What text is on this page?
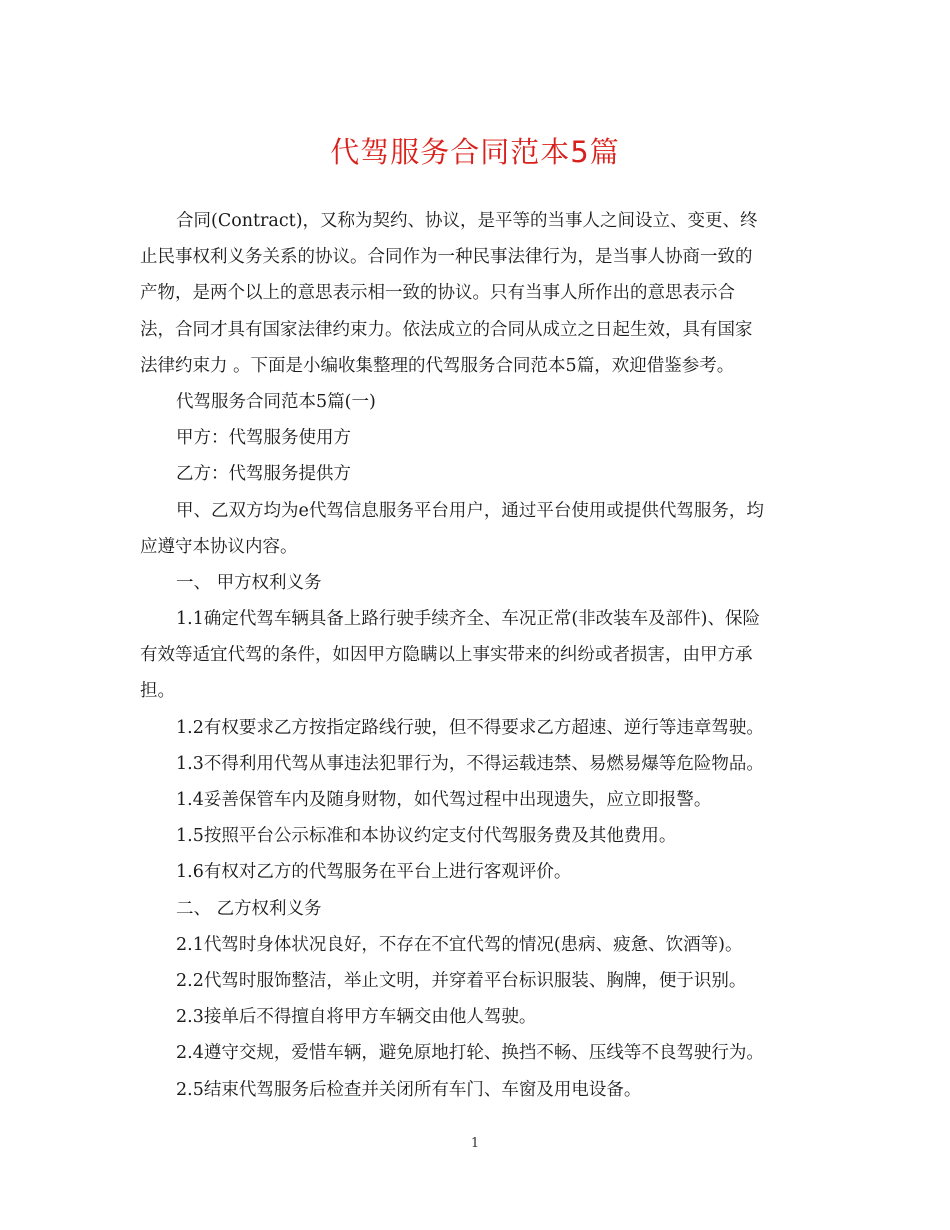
代驾服务合同范本5篇
合同(Contract)，又称为契约、协议，是平等的当事人之间设立、变更、终
止民事权利义务关系的协议。合同作为一种民事法律行为，是当事人协商一致的
产物，是两个以上的意思表示相一致的协议。只有当事人所作出的意思表示合
法，合同才具有国家法律约束力。依法成立的合同从成立之日起生效，具有国家
法律约束力 。下面是小编收集整理的代驾服务合同范本5篇，欢迎借鉴参考。
代驾服务合同范本5篇(一)
甲方：代驾服务使用方
乙方：代驾服务提供方
甲、乙双方均为e代驾信息服务平台用户，通过平台使用或提供代驾服务，均
应遵守本协议内容。
一、 甲方权利义务
1.1确定代驾车辆具备上路行驶手续齐全、车况正常(非改装车及部件)、保险
有效等适宜代驾的条件，如因甲方隐瞒以上事实带来的纠纷或者损害，由甲方承
担。
1.2有权要求乙方按指定路线行驶，但不得要求乙方超速、逆行等违章驾驶。
1.3不得利用代驾从事违法犯罪行为，不得运载违禁、易燃易爆等危险物品。
1.4妥善保管车内及随身财物，如代驾过程中出现遗失，应立即报警。
1.5按照平台公示标准和本协议约定支付代驾服务费及其他费用。
1.6有权对乙方的代驾服务在平台上进行客观评价。
二、 乙方权利义务
2.1代驾时身体状况良好，不存在不宜代驾的情况(患病、疲惫、饮酒等)。
2.2代驾时服饰整洁，举止文明，并穿着平台标识服装、胸牌，便于识别。
2.3接单后不得擅自将甲方车辆交由他人驾驶。
2.4遵守交规，爱惜车辆，避免原地打轮、换挡不畅、压线等不良驾驶行为。
2.5结束代驾服务后检查并关闭所有车门、车窗及用电设备。
1
